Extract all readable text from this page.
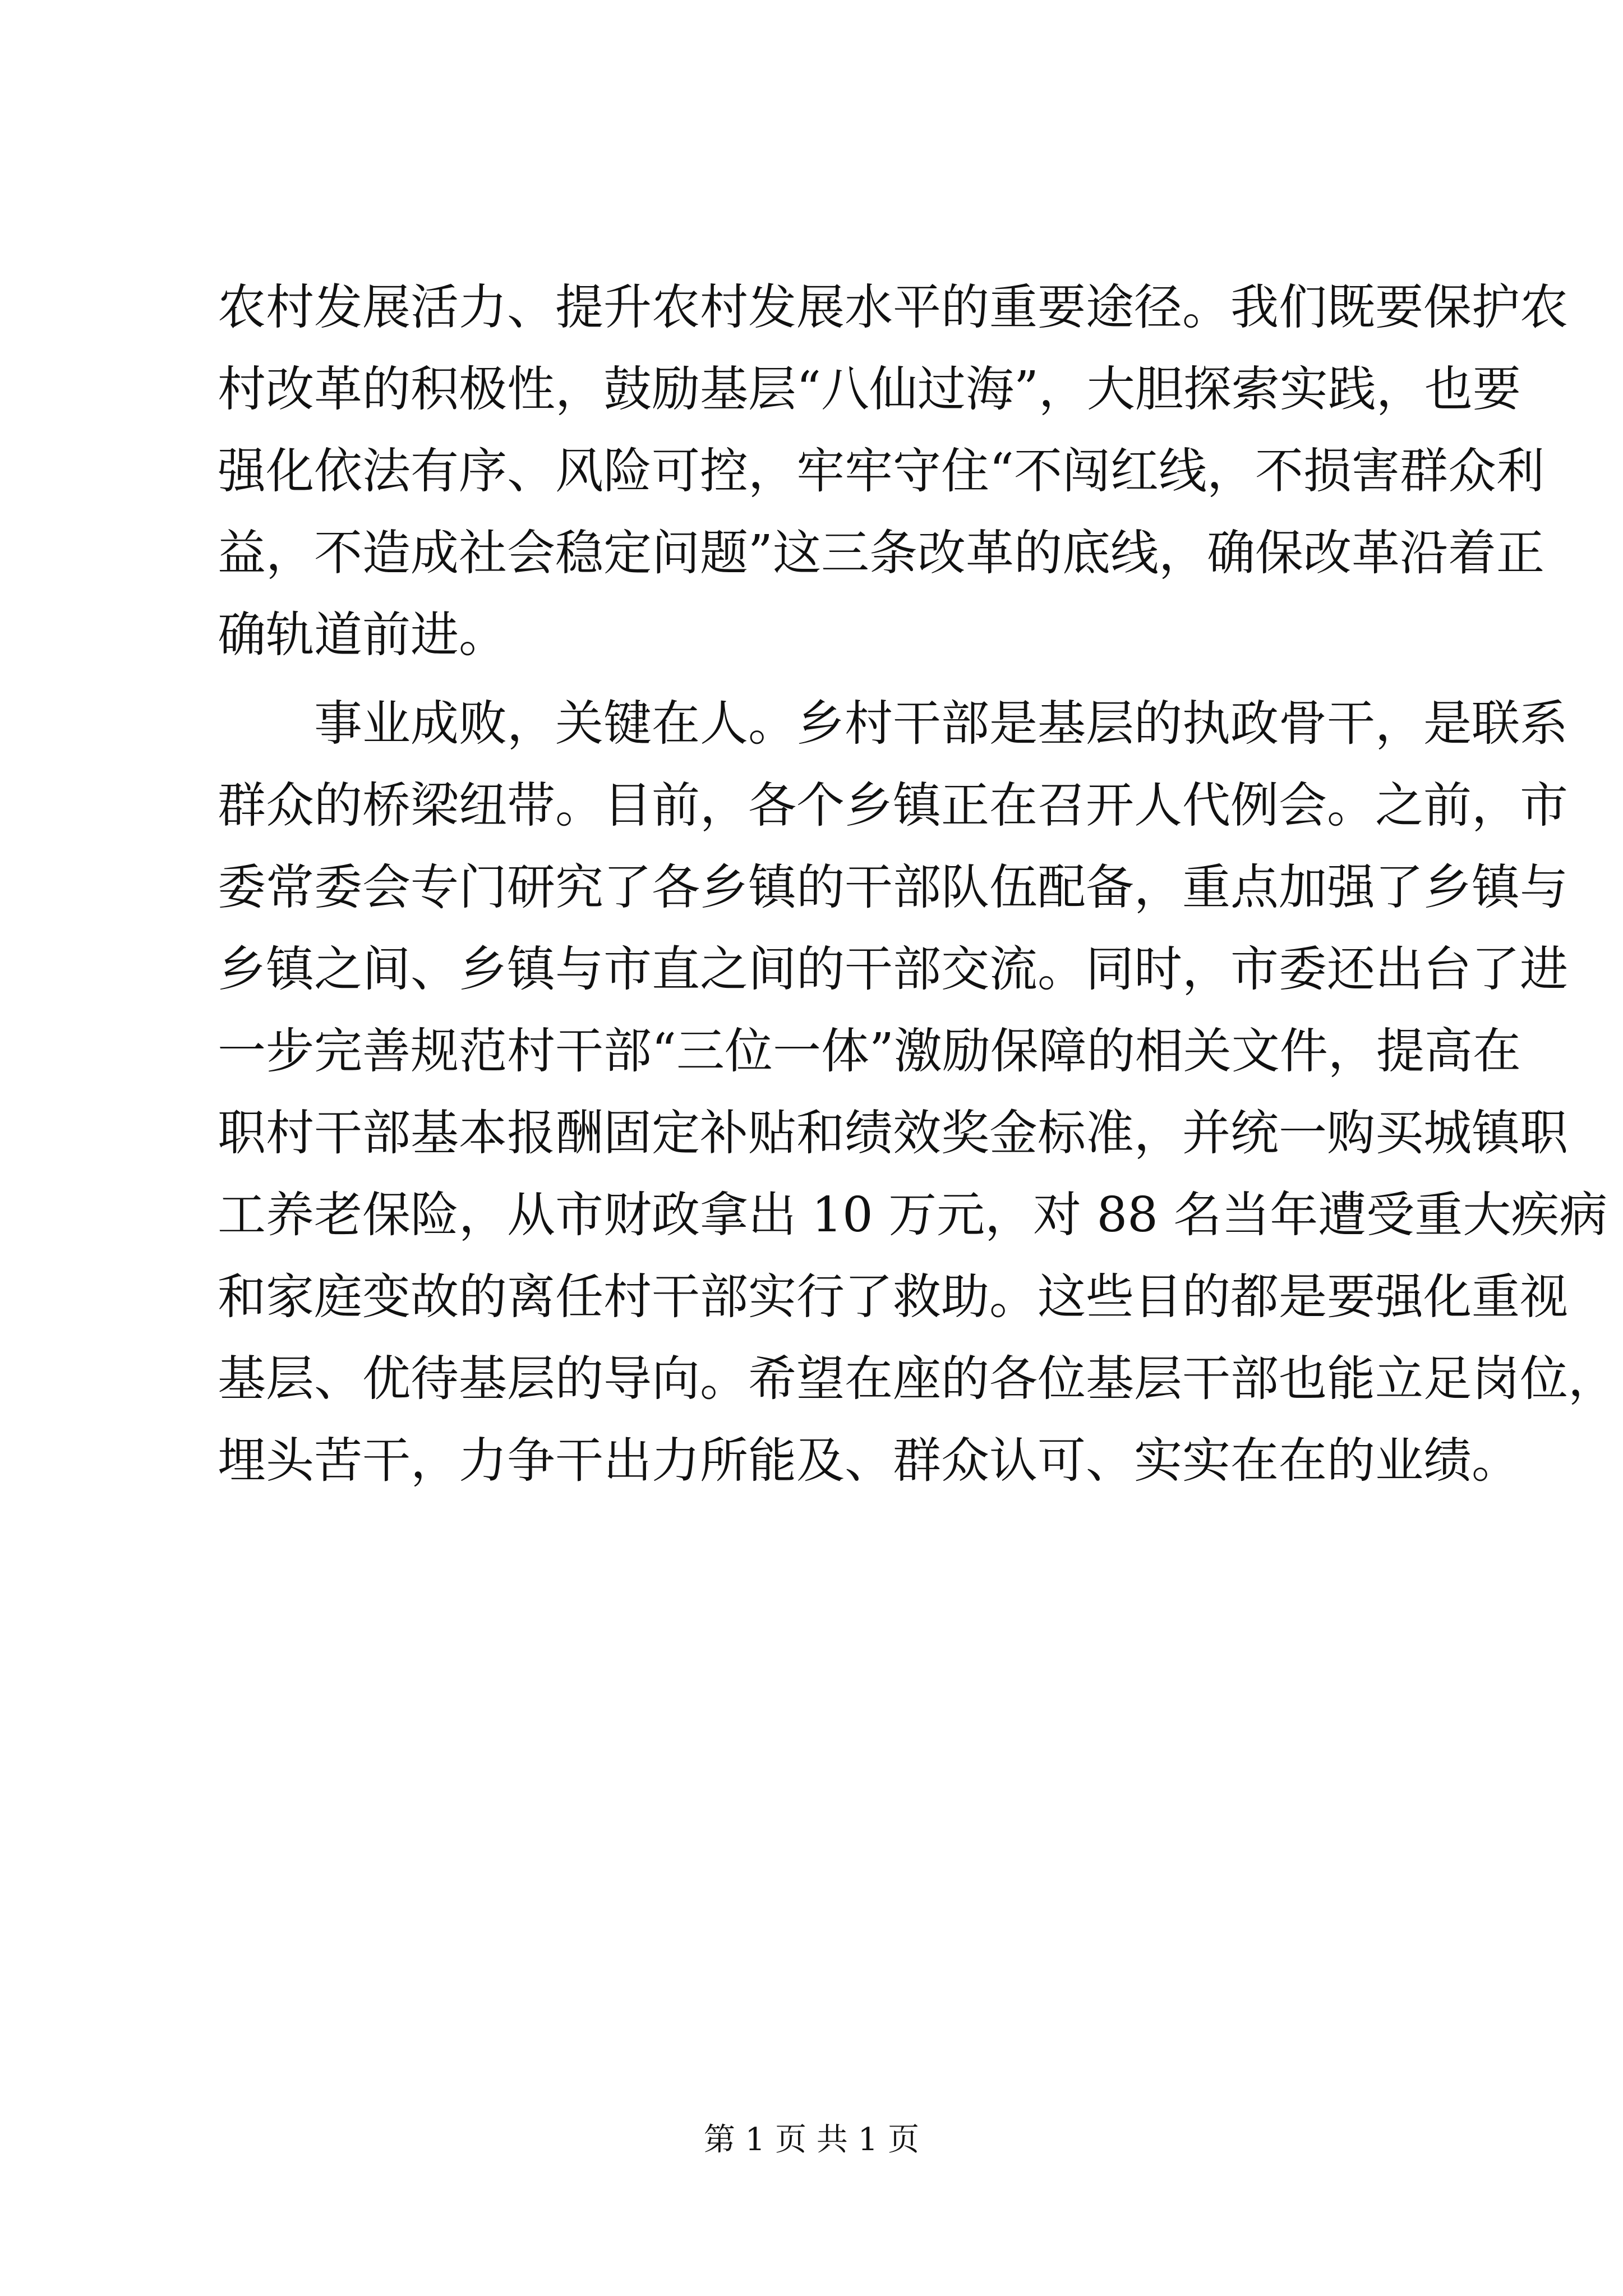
农村发展活力、提升农村发展水平的重要途径。我们既要保护农
村改革的积极性，鼓励基层“八仙过海”，大胆探索实践，也要
强化依法有序、风险可控，牢牢守住“不闯红线，不损害群众利
益，不造成社会稳定问题”这三条改革的底线，确保改革沿着正
确轨道前进。
　　事业成败，关键在人。乡村干部是基层的执政骨干，是联系
群众的桥梁纽带。目前，各个乡镇正在召开人代例会。之前，市
委常委会专门研究了各乡镇的干部队伍配备，重点加强了乡镇与
乡镇之间、乡镇与市直之间的干部交流。同时，市委还出台了进
一步完善规范村干部“三位一体”激励保障的相关文件，提高在
职村干部基本报酬固定补贴和绩效奖金标准，并统一购买城镇职
工养老保险，从市财政拿出 10 万元，对 88 名当年遭受重大疾病
和家庭变故的离任村干部实行了救助。这些目的都是要强化重视
基层、优待基层的导向。希望在座的各位基层干部也能立足岗位，
埋头苦干，力争干出力所能及、群众认可、实实在在的业绩。
第 1 页 共 1 页
